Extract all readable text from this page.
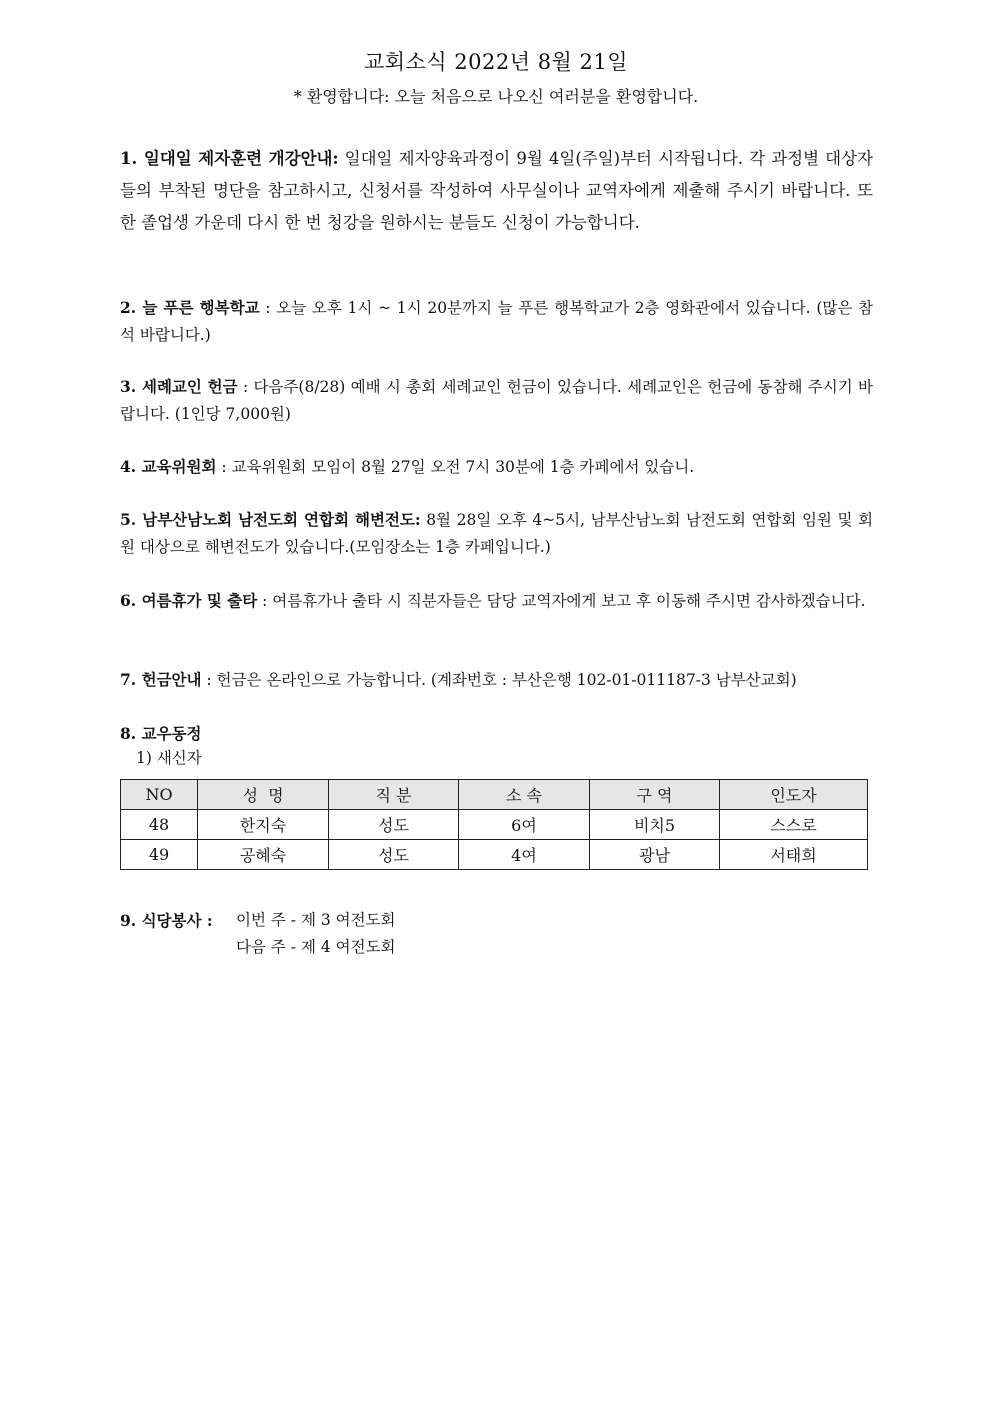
교회소식 2022년 8월 21일
* 환영합니다: 오늘 처음으로 나오신 여러분을 환영합니다.
1. 일대일 제자훈련 개강안내: 일대일 제자양육과정이 9월 4일(주일)부터 시작됩니다. 각 과정별 대상자들의 부착된 명단을 참고하시고, 신청서를 작성하여 사무실이나 교역자에게 제출해 주시기 바랍니다. 또한 졸업생 가운데 다시 한 번 청강을 원하시는 분들도 신청이 가능합니다.
2. 늘 푸른 행복학교 : 오늘 오후 1시 ~ 1시 20분까지 늘 푸른 행복학교가 2층 영화관에서 있습니다. (많은 참석 바랍니다.)
3. 세례교인 헌금 : 다음주(8/28) 예배 시 총회 세례교인 헌금이 있습니다. 세례교인은 헌금에 동참해 주시기 바랍니다. (1인당 7,000원)
4. 교육위원회 : 교육위원회 모임이 8월 27일 오전 7시 30분에 1층 카페에서 있습니.
5. 남부산남노회 남전도회 연합회 해변전도: 8월 28일 오후 4~5시, 남부산남노회 남전도회 연합회 임원 및 회원 대상으로 해변전도가 있습니다.(모임장소는 1층 카페입니다.)
6. 여름휴가 및 출타 : 여름휴가나 출타 시 직분자들은 담당 교역자에게 보고 후 이동해 주시면 감사하겠습니다.
7. 헌금안내 : 헌금은 온라인으로 가능합니다. (계좌번호 : 부산은행 102-01-011187-3 남부산교회)
8. 교우동정
1) 새신자
NO	성  명	직 분	소 속	구 역	인도자
48	한지숙	성도	6여	비치5	스스로
49	공혜숙	성도	4여	광남	서태희
9. 식당봉사 : 이번 주 - 제 3 여전도회
다음 주 - 제 4 여전도회
